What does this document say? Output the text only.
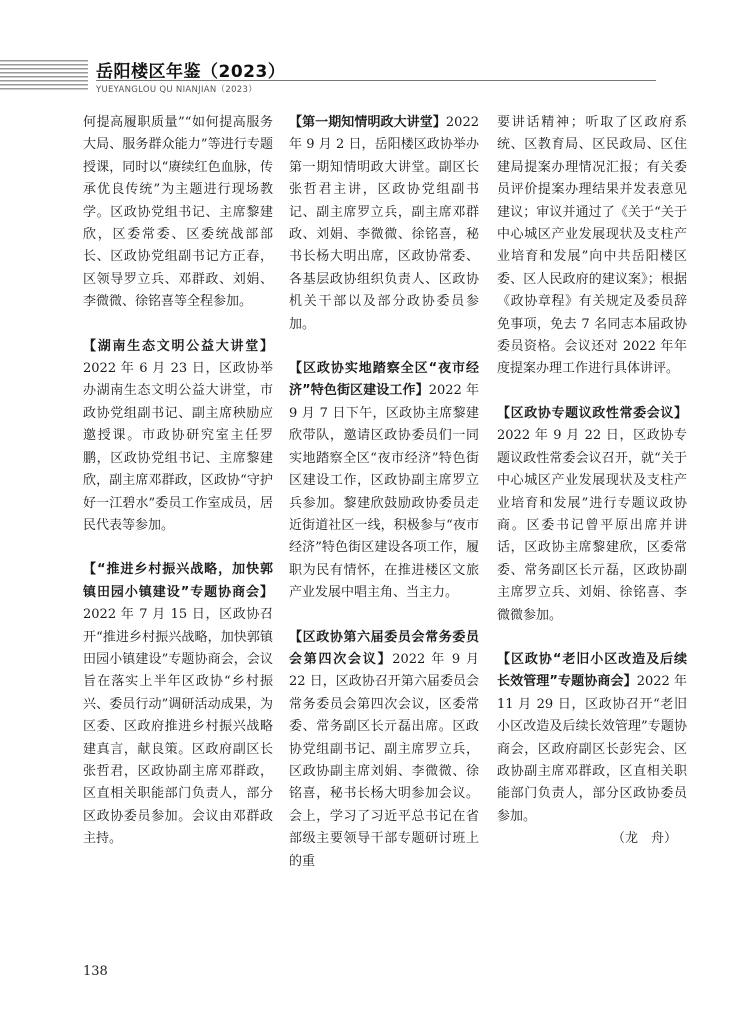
岳阳楼区年鉴（2023）
YUEYANGLOU QU NIANJIAN（2023）

何提高履职质量”“如何提高服务大局、服务群众能力”等进行专题授课，同时以“赓续红色血脉，传承优良传统”为主题进行现场教学。区政协党组书记、主席黎建欣，区委常委、区委统战部部长、区政协党组副书记方正春，区领导罗立兵、邓群政、刘娟、李微微、徐铭喜等全程参加。

【湖南生态文明公益大讲堂】2022 年 6 月 23 日，区政协举办湖南生态文明公益大讲堂，市政协党组副书记、副主席秧励应邀授课。市政协研究室主任罗鹏，区政协党组书记、主席黎建欣，副主席邓群政，区政协“守护好一江碧水”委员工作室成员，居民代表等参加。

【“推进乡村振兴战略，加快郭镇田园小镇建设”专题协商会】2022 年 7 月 15 日，区政协召开“推进乡村振兴战略，加快郭镇田园小镇建设”专题协商会，会议旨在落实上半年区政协“乡村振兴、委员行动”调研活动成果，为区委、区政府推进乡村振兴战略建真言，献良策。区政府副区长张哲君，区政协副主席邓群政，区直相关职能部门负责人，部分区政协委员参加。会议由邓群政主持。

【第一期知情明政大讲堂】2022 年 9 月 2 日，岳阳楼区政协举办第一期知情明政大讲堂。副区长张哲君主讲，区政协党组副书记、副主席罗立兵，副主席邓群政、刘娟、李微微、徐铭喜，秘书长杨大明出席，区政协常委、各基层政协组织负责人、区政协机关干部以及部分政协委员参加。

【区政协实地踏察全区“夜市经济”特色街区建设工作】2022 年 9 月 7 日下午，区政协主席黎建欣带队，邀请区政协委员们一同实地踏察全区“夜市经济”特色街区建设工作，区政协副主席罗立兵参加。黎建欣鼓励政协委员走近街道社区一线，积极参与“夜市经济”特色街区建设各项工作，履职为民有情怀，在推进楼区文旅产业发展中唱主角、当主力。

【区政协第六届委员会常务委员会第四次会议】2022 年 9 月 22 日，区政协召开第六届委员会常务委员会第四次会议，区委常委、常务副区长亓磊出席。区政协党组副书记、副主席罗立兵，区政协副主席刘娟、李微微、徐铭喜，秘书长杨大明参加会议。会上，学习了习近平总书记在省部级主要领导干部专题研讨班上的重

要讲话精神；听取了区政府系统、区教育局、区民政局、区住建局提案办理情况汇报；有关委员评价提案办理结果并发表意见建议；审议并通过了《关于“关于中心城区产业发展现状及支柱产业培育和发展”向中共岳阳楼区委、区人民政府的建议案》；根据《政协章程》有关规定及委员辞免事项，免去 7 名同志本届政协委员资格。会议还对 2022 年年度提案办理工作进行具体讲评。

【区政协专题议政性常委会议】2022 年 9 月 22 日，区政协专题议政性常委会议召开，就“关于中心城区产业发展现状及支柱产业培育和发展”进行专题议政协商。区委书记曾平原出席并讲话，区政协主席黎建欣，区委常委、常务副区长亓磊，区政协副主席罗立兵、刘娟、徐铭喜、李微微参加。

【区政协“老旧小区改造及后续长效管理”专题协商会】2022 年 11 月 29 日，区政协召开“老旧小区改造及后续长效管理”专题协商会，区政府副区长彭宪会、区政协副主席邓群政，区直相关职能部门负责人，部分区政协委员参加。

（龙　舟）
138
